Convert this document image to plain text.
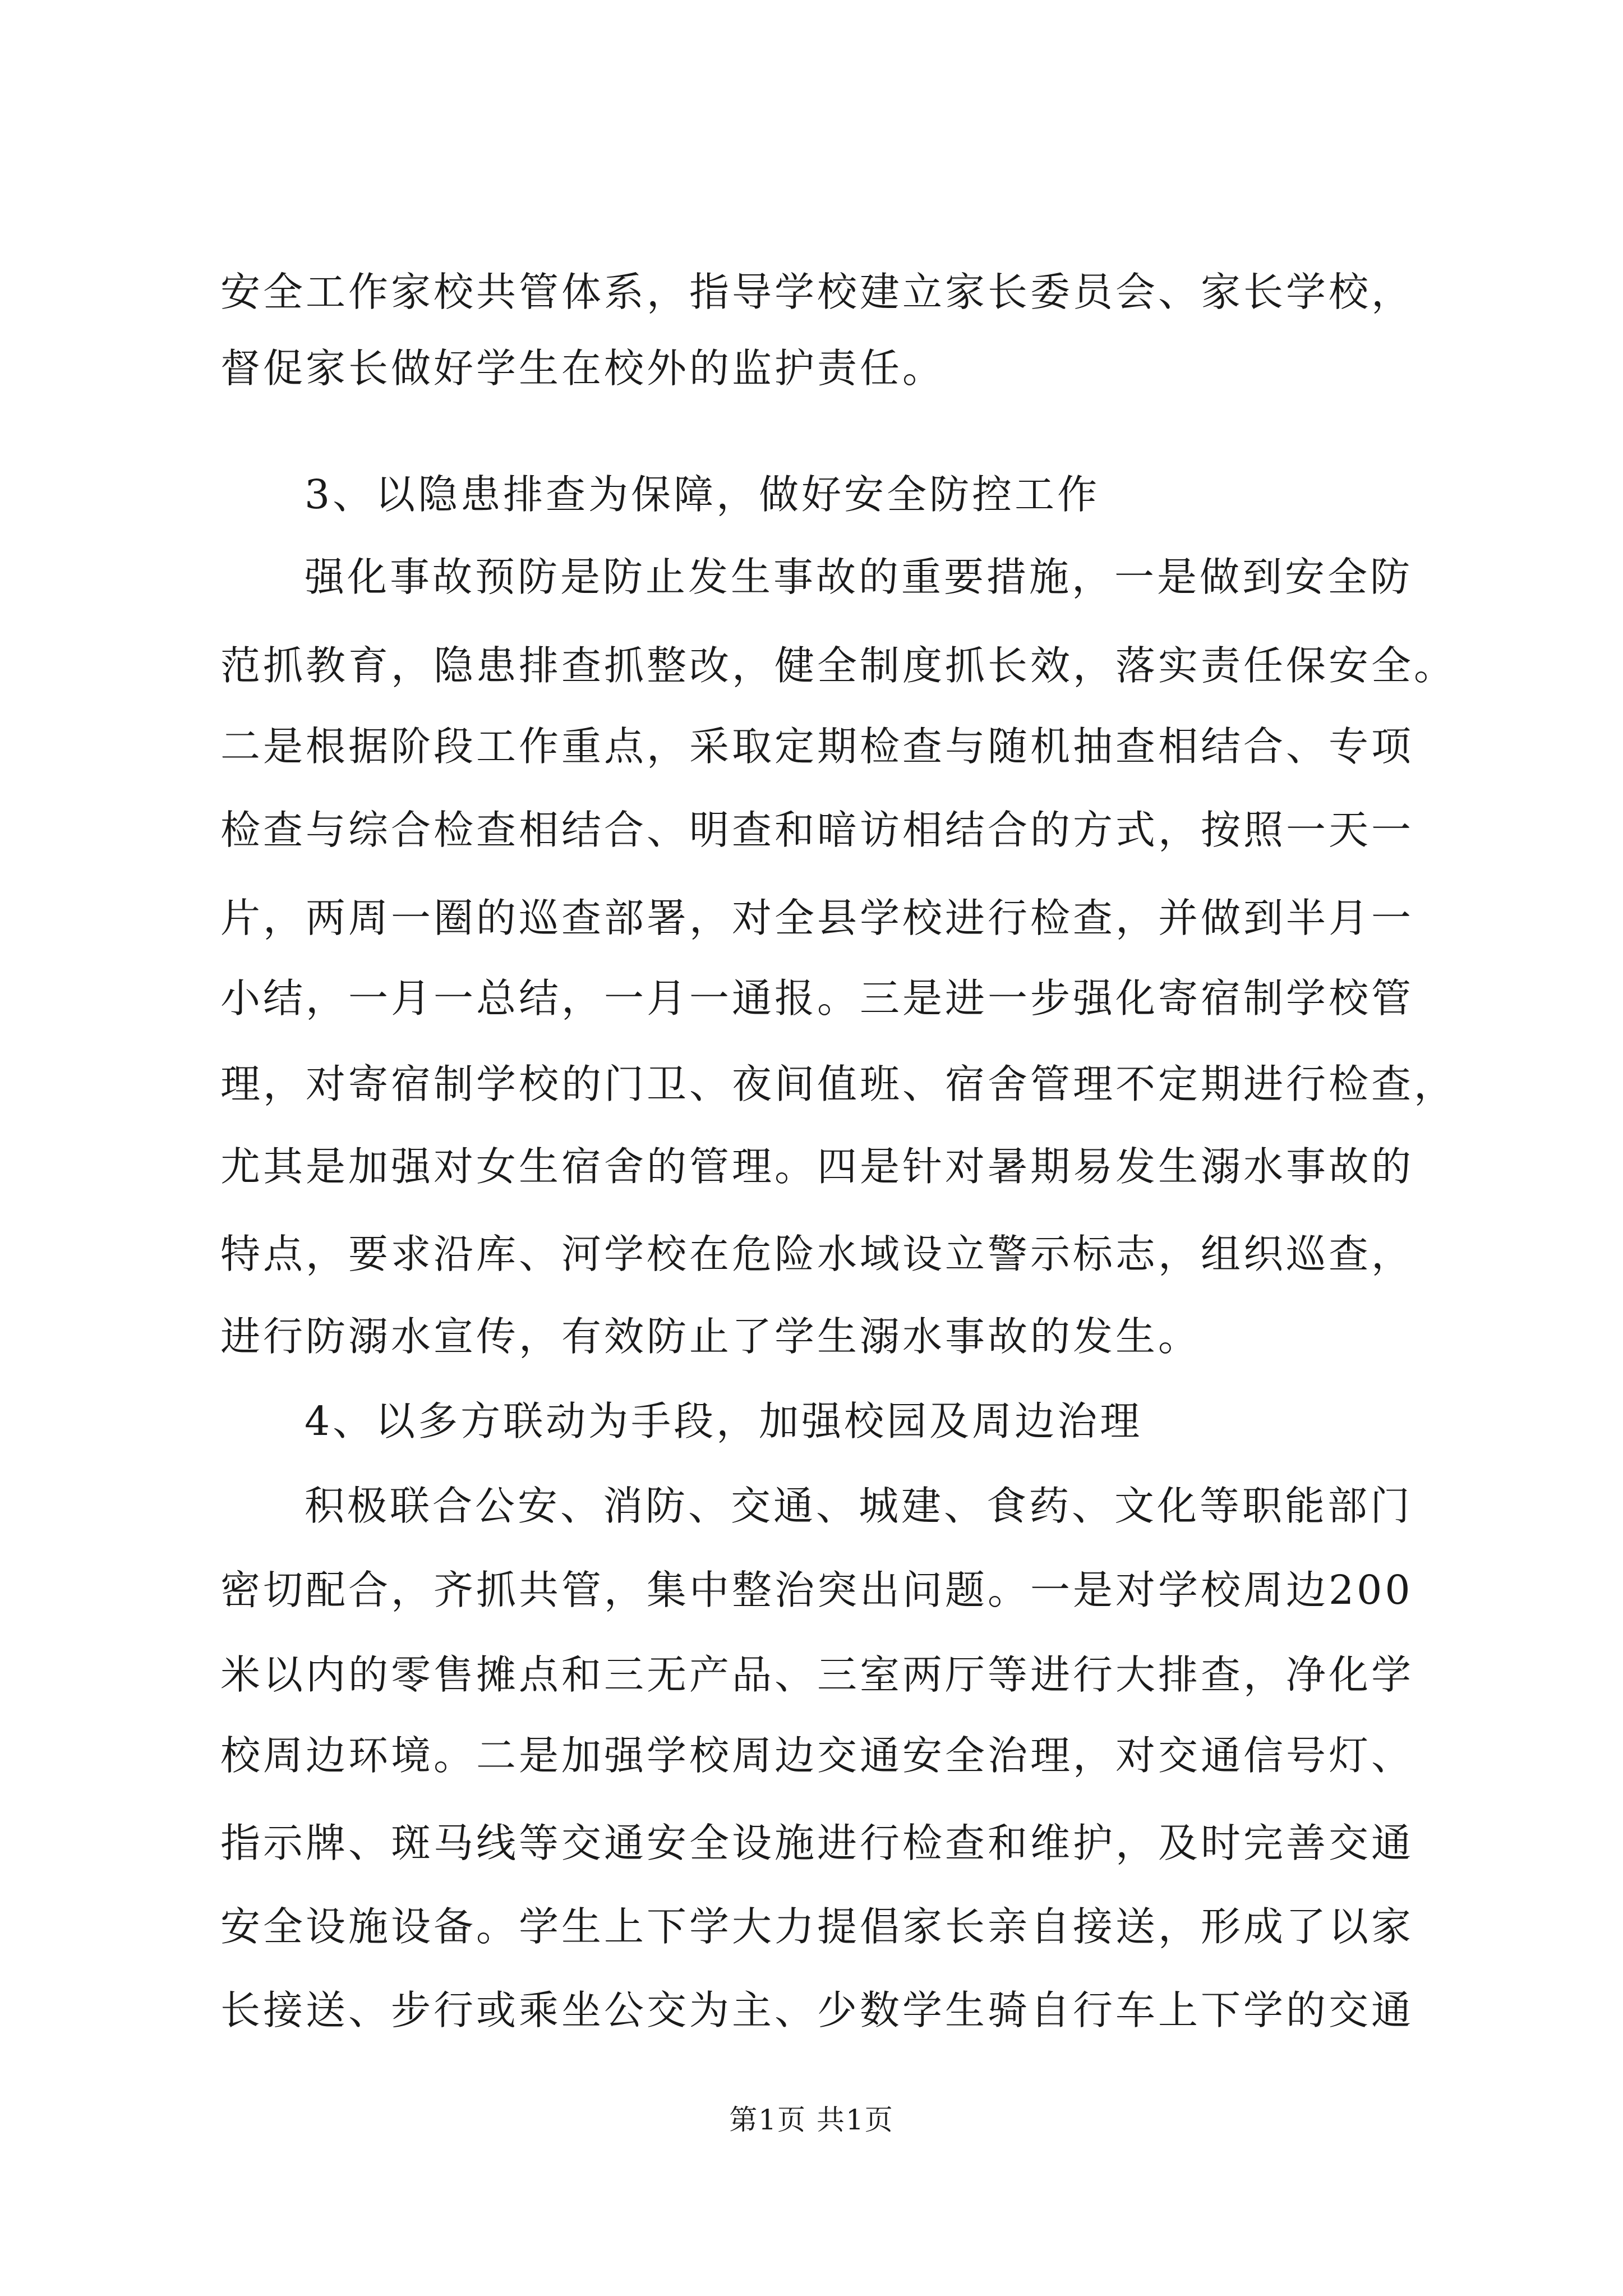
安全工作家校共管体系，指导学校建立家长委员会、家长学校，
督促家长做好学生在校外的监护责任。
3、以隐患排查为保障，做好安全防控工作
强化事故预防是防止发生事故的重要措施，一是做到安全防
范抓教育，隐患排查抓整改，健全制度抓长效，落实责任保安全。
二是根据阶段工作重点，采取定期检查与随机抽查相结合、专项
检查与综合检查相结合、明查和暗访相结合的方式，按照一天一
片，两周一圈的巡查部署，对全县学校进行检查，并做到半月一
小结，一月一总结，一月一通报。三是进一步强化寄宿制学校管
理，对寄宿制学校的门卫、夜间值班、宿舍管理不定期进行检查，
尤其是加强对女生宿舍的管理。四是针对暑期易发生溺水事故的
特点，要求沿库、河学校在危险水域设立警示标志，组织巡查，
进行防溺水宣传，有效防止了学生溺水事故的发生。
4、以多方联动为手段，加强校园及周边治理
积极联合公安、消防、交通、城建、食药、文化等职能部门
密切配合，齐抓共管，集中整治突出问题。一是对学校周边200
米以内的零售摊点和三无产品、三室两厅等进行大排查，净化学
校周边环境。二是加强学校周边交通安全治理，对交通信号灯、
指示牌、斑马线等交通安全设施进行检查和维护，及时完善交通
安全设施设备。学生上下学大力提倡家长亲自接送，形成了以家
长接送、步行或乘坐公交为主、少数学生骑自行车上下学的交通
第1页 共1页
